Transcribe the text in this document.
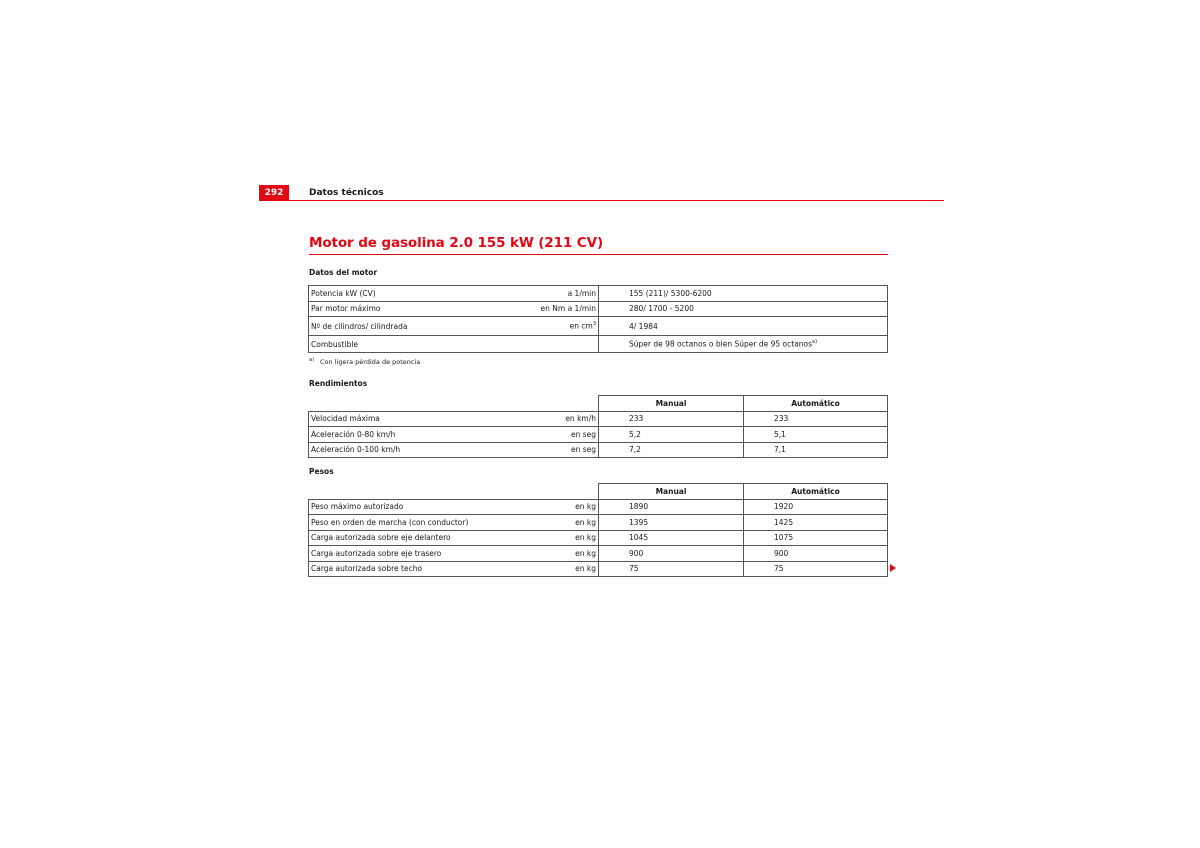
292	Datos técnicos
Motor de gasolina 2.0 155 kW (211 CV)
Datos del motor
Potencia kW (CV) a 1/min	155 (211)/ 5300-6200

Par motor máximo en Nm a 1/min	280/ 1700 - 5200

Nº de cilindros/ cilindrada en $cm^3$	4/ 1984

Combustible	Súper de 98 octanos o bien Súper de 95 octanos$^{a)}$
$^{a)}$ Con ligera pérdida de potencia
Rendimientos
	Manual	Automático

Velocidad máxima en km/h	233	233

Aceleración 0-80 km/h en seg	5,2	5,1

Aceleración 0-100 km/h en seg	7,2	7,1
Pesos
	Manual	Automático

Peso máximo autorizado en kg	1890	1920

Peso en orden de marcha (con conductor) en kg	1395	1425

Carga autorizada sobre eje delantero en kg	1045	1075

Carga autorizada sobre eje trasero en kg	900	900

Carga autorizada sobre techo en kg	75	75
